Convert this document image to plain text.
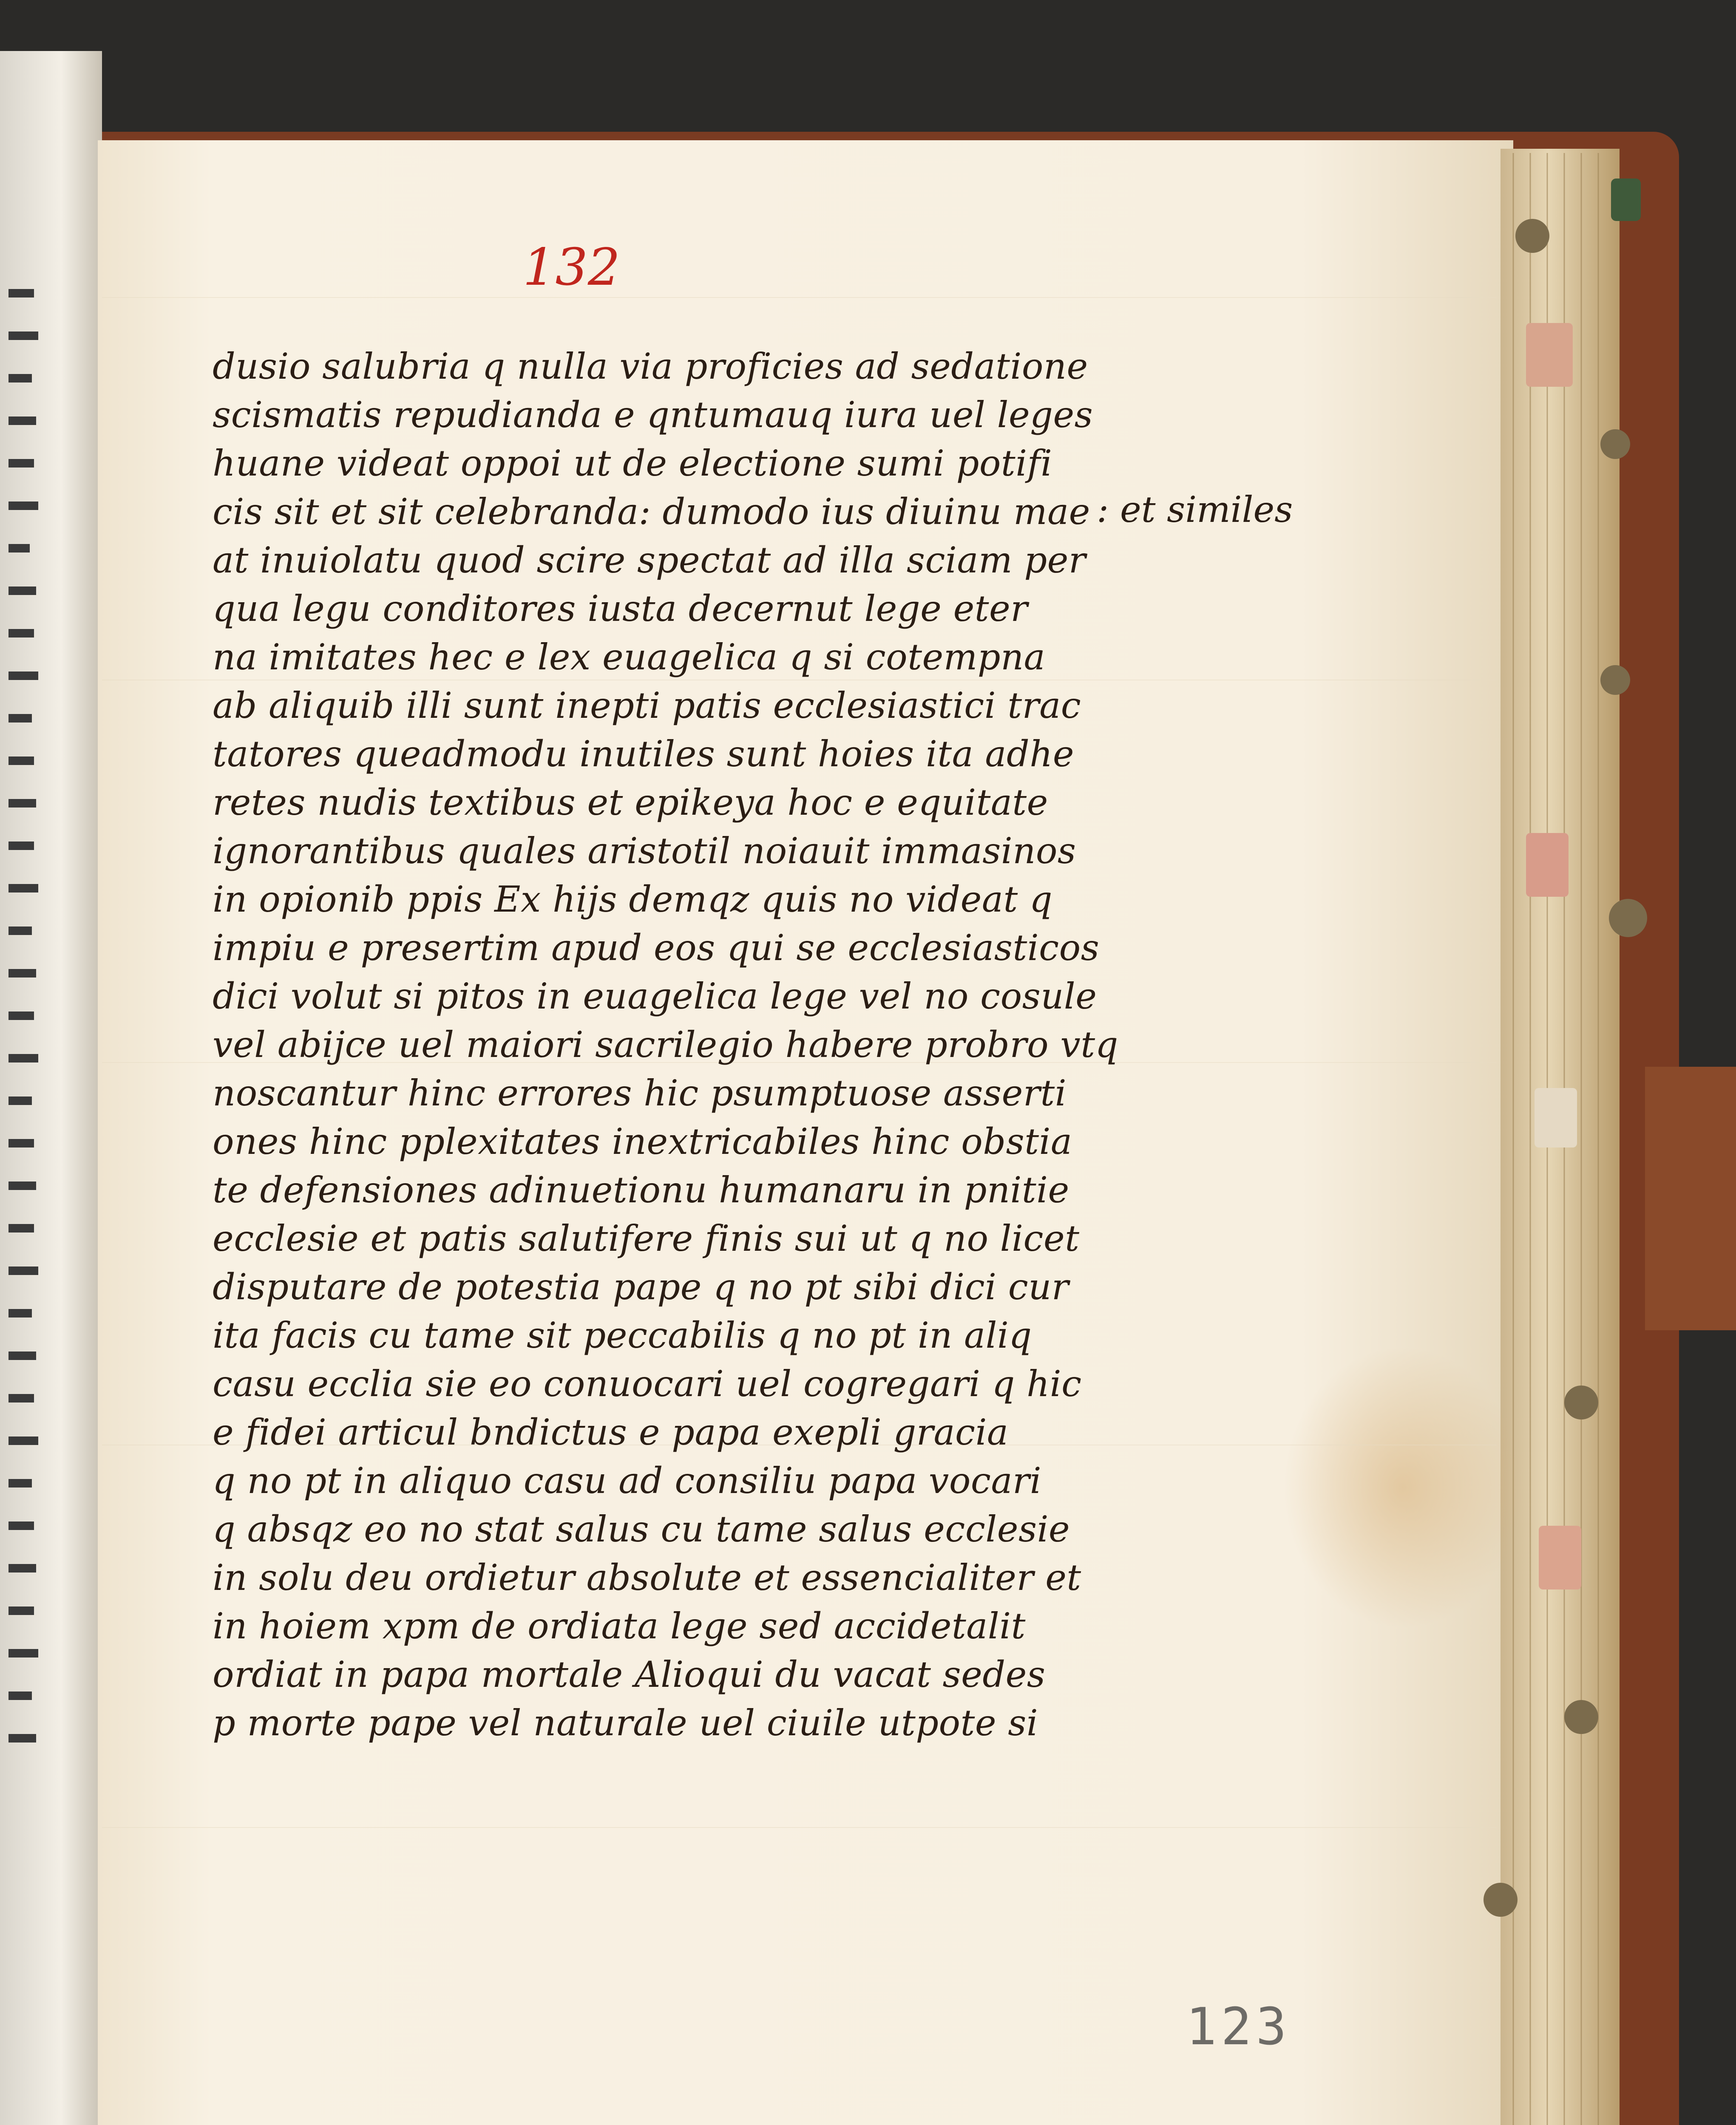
132
: et similes
123
dusio salubria q nulla via proficies ad sedatione
scismatis repudianda e qntumauq iura uel leges
huane videat oppoi ut de electione sumi potifi
cis sit et sit celebranda: dumodo ius diuinu mae
at inuiolatu quod scire spectat ad illa sciam per
qua legu conditores iusta decernut lege eter
na imitates hec e lex euagelica q si cotempna
ab aliquib illi sunt inepti patis ecclesiastici trac
tatores queadmodu inutiles sunt hoies ita adhe
retes nudis textibus et epikeya hoc e equitate
ignorantibus quales aristotil noiauit immasinos
in opionib ppis Ex hijs demqz quis no videat q
impiu e presertim apud eos qui se ecclesiasticos
dici volut si pitos in euagelica lege vel no cosule
vel abijce uel maiori sacrilegio habere probro vtq
noscantur hinc errores hic psumptuose asserti
ones hinc pplexitates inextricabiles hinc obstia
te defensiones adinuetionu humanaru in pnitie
ecclesie et patis salutifere finis sui ut q no licet
disputare de potestia pape q no pt sibi dici cur
ita facis cu tame sit peccabilis q no pt in aliq
casu ecclia sie eo conuocari uel cogregari q hic
e fidei articul bndictus e papa exepli gracia
q no pt in aliquo casu ad consiliu papa vocari
q absqz eo no stat salus cu tame salus ecclesie
in solu deu ordietur absolute et essencialiter et
in hoiem xpm de ordiata lege sed accidetalit
ordiat in papa mortale Alioqui du vacat sedes
p morte pape vel naturale uel ciuile utpote si
